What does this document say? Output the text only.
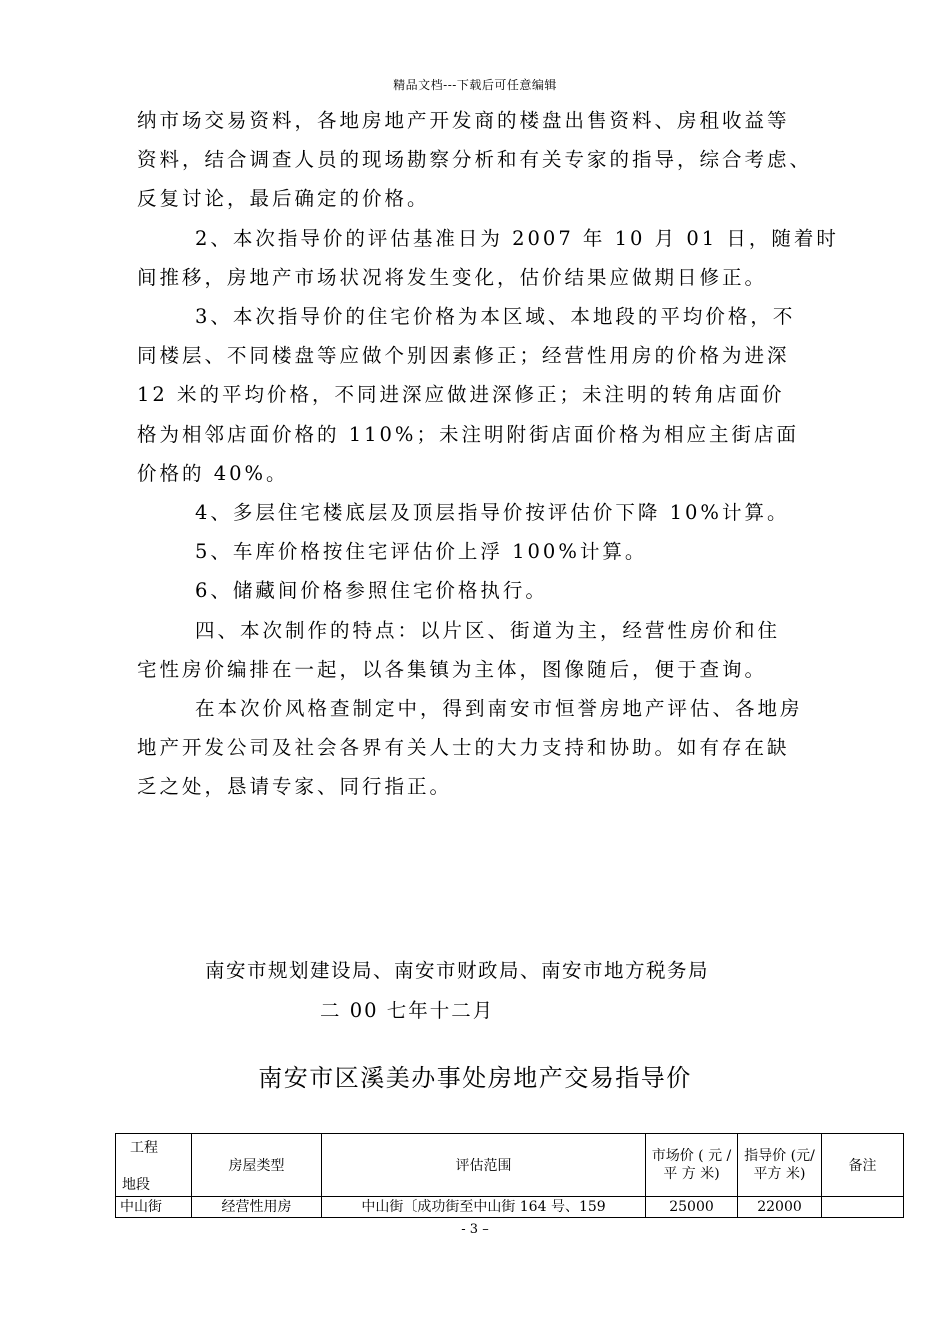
精品文档---下载后可任意编辑

纳市场交易资料，各地房地产开发商的楼盘出售资料、房租收益等

资料，结合调查人员的现场勘察分析和有关专家的指导，综合考虑、

反复讨论，最后确定的价格。

2、本次指导价的评估基准日为 2007 年 10 月 01 日，随着时

间推移，房地产市场状况将发生变化，估价结果应做期日修正。

3、本次指导价的住宅价格为本区域、本地段的平均价格，不

同楼层、不同楼盘等应做个别因素修正；经营性用房的价格为进深

12 米的平均价格，不同进深应做进深修正；未注明的转角店面价

格为相邻店面价格的 110%；未注明附街店面价格为相应主街店面

价格的 40%。

4、多层住宅楼底层及顶层指导价按评估价下降 10%计算。

5、车库价格按住宅评估价上浮 100%计算。

6、储藏间价格参照住宅价格执行。

四、本次制作的特点：以片区、街道为主，经营性房价和住

宅性房价编排在一起，以各集镇为主体，图像随后，便于查询。

在本次价风格查制定中，得到南安市恒誉房地产评估、各地房

地产开发公司及社会各界有关人士的大力支持和协助。如有存在缺

乏之处，恳请专家、同行指正。

南安市规划建设局、南安市财政局、南安市地方税务局
二 00 七年十二月
南安市区溪美办事处房地产交易指导价
工程
地段	房屋类型	评估范围	市场价 ( 元 / 平 方 米)	指导价 (元/平方 米)	备注
中山街	经营性用房	中山街〔成功街至中山街 164 号、159	25000	22000	
- 3 –
